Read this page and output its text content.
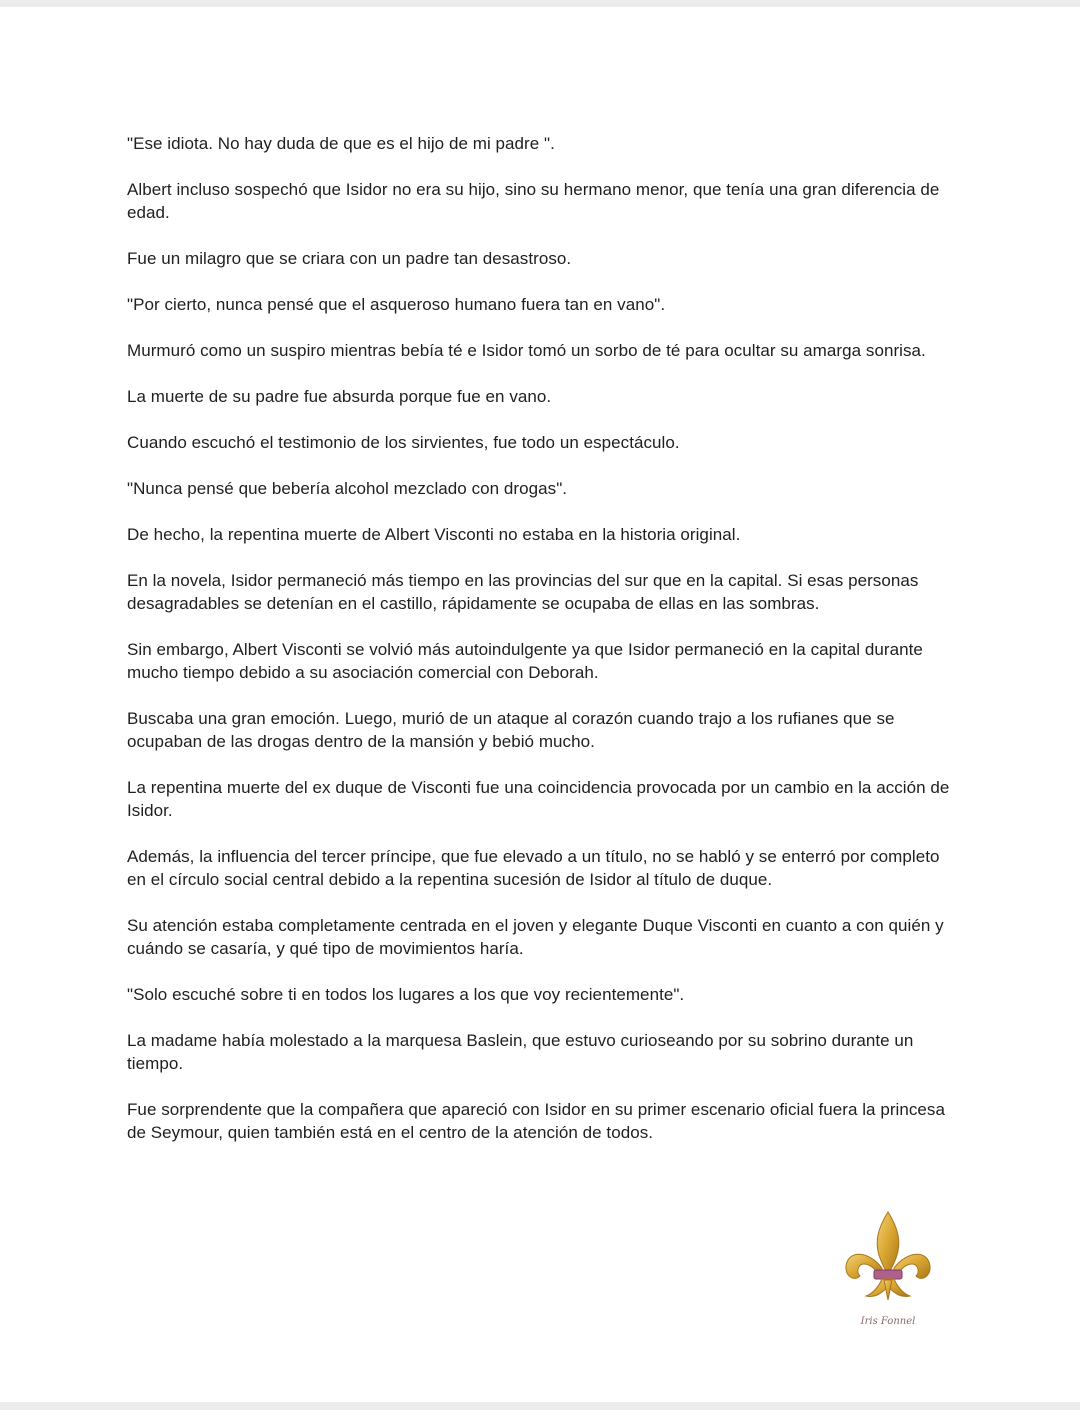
"Ese idiota. No hay duda de que es el hijo de mi padre ".

Albert incluso sospechó que Isidor no era su hijo, sino su hermano menor, que tenía una gran diferencia de edad.

Fue un milagro que se criara con un padre tan desastroso.

"Por cierto, nunca pensé que el asqueroso humano fuera tan en vano".

Murmuró como un suspiro mientras bebía té e Isidor tomó un sorbo de té para ocultar su amarga sonrisa.

La muerte de su padre fue absurda porque fue en vano.

Cuando escuchó el testimonio de los sirvientes, fue todo un espectáculo.

"Nunca pensé que bebería alcohol mezclado con drogas".

De hecho, la repentina muerte de Albert Visconti no estaba en la historia original.

En la novela, Isidor permaneció más tiempo en las provincias del sur que en la capital. Si esas personas desagradables se detenían en el castillo, rápidamente se ocupaba de ellas en las sombras.

Sin embargo, Albert Visconti se volvió más autoindulgente ya que Isidor permaneció en la capital durante mucho tiempo debido a su asociación comercial con Deborah.

Buscaba una gran emoción. Luego, murió de un ataque al corazón cuando trajo a los rufianes que se ocupaban de las drogas dentro de la mansión y bebió mucho.

La repentina muerte del ex duque de Visconti fue una coincidencia provocada por un cambio en la acción de Isidor.

Además, la influencia del tercer príncipe, que fue elevado a un título, no se habló y se enterró por completo en el círculo social central debido a la repentina sucesión de Isidor al título de duque.

Su atención estaba completamente centrada en el joven y elegante Duque Visconti en cuanto a con quién y cuándo se casaría, y qué tipo de movimientos haría.

"Solo escuché sobre ti en todos los lugares a los que voy recientemente".

La madame había molestado a la marquesa Baslein, que estuvo curioseando por su sobrino durante un tiempo.

Fue sorprendente que la compañera que apareció con Isidor en su primer escenario oficial fuera la princesa de Seymour, quien también está en el centro de la atención de todos.

Iris Fonnel
